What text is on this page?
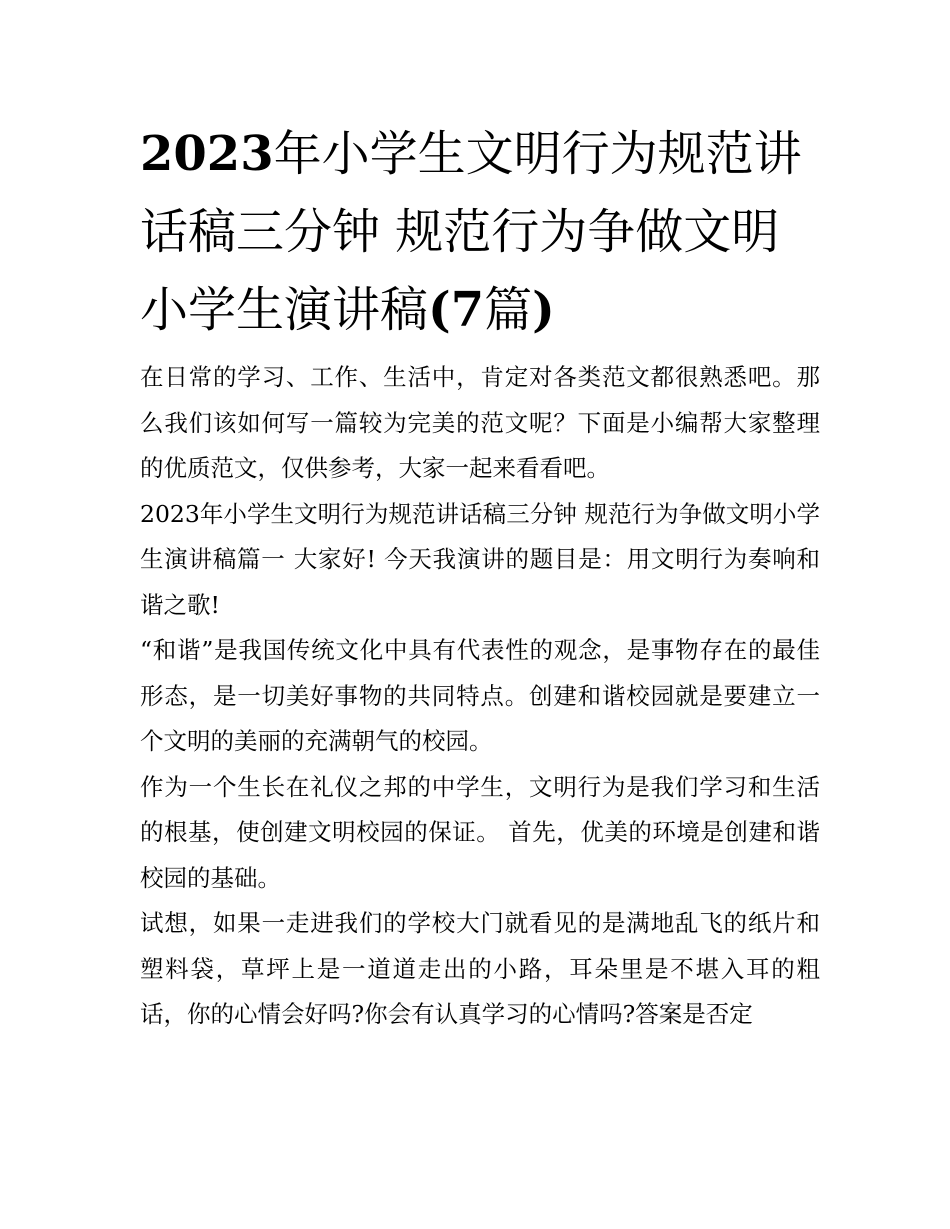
2023年小学生文明行为规范讲
话稿三分钟 规范行为争做文明
小学生演讲稿(7篇)

在日常的学习、工作、生活中，肯定对各类范文都很熟悉吧。那么我们该如何写一篇较为完美的范文呢？下面是小编帮大家整理的优质范文，仅供参考，大家一起来看看吧。

2023年小学生文明行为规范讲话稿三分钟 规范行为争做文明小学生演讲稿篇一 大家好! 今天我演讲的题目是：用文明行为奏响和谐之歌!

“和谐”是我国传统文化中具有代表性的观念，是事物存在的最佳形态，是一切美好事物的共同特点。创建和谐校园就是要建立一个文明的美丽的充满朝气的校园。

作为一个生长在礼仪之邦的中学生，文明行为是我们学习和生活的根基，使创建文明校园的保证。 首先，优美的环境是创建和谐校园的基础。

试想，如果一走进我们的学校大门就看见的是满地乱飞的纸片和塑料袋，草坪上是一道道走出的小路，耳朵里是不堪入耳的粗话，你的心情会好吗?你会有认真学习的心情吗?答案是否定
